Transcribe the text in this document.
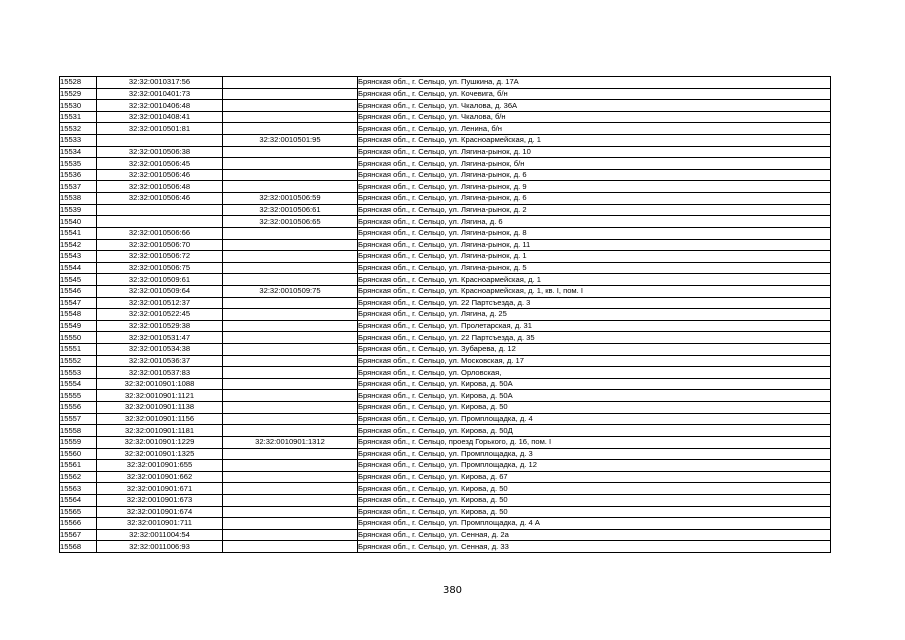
15528	32:32:0010317:56		Брянская обл., г. Сельцо, ул. Пушкина, д. 17А
15529	32:32:0010401:73		Брянская обл., г. Сельцо, ул. Кочевига, б/н
15530	32:32:0010406:48		Брянская обл., г. Сельцо, ул. Чкалова, д. 36А
15531	32:32:0010408:41		Брянская обл., г. Сельцо, ул. Чкалова, б/н
15532	32:32:0010501:81		Брянская обл., г. Сельцо, ул. Ленина, б/н
15533		32:32:0010501:95	Брянская обл., г. Сельцо, ул. Красноармейская, д. 1
15534	32:32:0010506:38		Брянская обл., г. Сельцо, ул. Лягина-рынок, д. 10
15535	32:32:0010506:45		Брянская обл., г. Сельцо, ул. Лягина-рынок, б/н
15536	32:32:0010506:46		Брянская обл., г. Сельцо, ул. Лягина-рынок, д. 6
15537	32:32:0010506:48		Брянская обл., г. Сельцо, ул. Лягина-рынок, д. 9
15538	32:32:0010506:46	32:32:0010506:59	Брянская обл., г. Сельцо, ул. Лягина-рынок, д. 6
15539		32:32:0010506:61	Брянская обл., г. Сельцо, ул. Лягина-рынок, д. 2
15540		32:32:0010506:65	Брянская обл., г. Сельцо, ул. Лягина, д. 6
15541	32:32:0010506:66		Брянская обл., г. Сельцо, ул. Лягина-рынок, д. 8
15542	32:32:0010506:70		Брянская обл., г. Сельцо, ул. Лягина-рынок, д. 11
15543	32:32:0010506:72		Брянская обл., г. Сельцо, ул. Лягина-рынок, д. 1
15544	32:32:0010506:75		Брянская обл., г. Сельцо, ул. Лягина-рынок, д. 5
15545	32:32:0010509:61		Брянская обл., г. Сельцо, ул. Красноармейская, д. 1
15546	32:32:0010509:64	32:32:0010509:75	Брянская обл., г. Сельцо, ул. Красноармейская, д. 1, кв. I, пом. I
15547	32:32:0010512:37		Брянская обл., г. Сельцо, ул. 22 Партсъезда, д. 3
15548	32:32:0010522:45		Брянская обл., г. Сельцо, ул. Лягина, д. 25
15549	32:32:0010529:38		Брянская обл., г. Сельцо, ул. Пролетарская, д. 31
15550	32:32:0010531:47		Брянская обл., г. Сельцо, ул. 22 Партсъезда, д. 35
15551	32:32:0010534:38		Брянская обл., г. Сельцо, ул. Зубарева, д. 12
15552	32:32:0010536:37		Брянская обл., г. Сельцо, ул. Московская, д. 17
15553	32:32:0010537:83		Брянская обл., г. Сельцо, ул. Орловская,
15554	32:32:0010901:1088		Брянская обл., г. Сельцо, ул. Кирова, д. 50А
15555	32:32:0010901:1121		Брянская обл., г. Сельцо, ул. Кирова, д. 50А
15556	32:32:0010901:1138		Брянская обл., г. Сельцо, ул. Кирова, д. 50
15557	32:32:0010901:1156		Брянская обл., г. Сельцо, ул. Промплощадка, д. 4
15558	32:32:0010901:1181		Брянская обл., г. Сельцо, ул. Кирова, д. 50Д
15559	32:32:0010901:1229	32:32:0010901:1312	Брянская обл., г. Сельцо, проезд Горького, д. 16, пом. I
15560	32:32:0010901:1325		Брянская обл., г. Сельцо, ул. Промплощадка, д. 3
15561	32:32:0010901:655		Брянская обл., г. Сельцо, ул. Промплощадка, д. 12
15562	32:32:0010901:662		Брянская обл., г. Сельцо, ул. Кирова, д. 67
15563	32:32:0010901:671		Брянская обл., г. Сельцо, ул. Кирова, д. 50
15564	32:32:0010901:673		Брянская обл., г. Сельцо, ул. Кирова, д. 50
15565	32:32:0010901:674		Брянская обл., г. Сельцо, ул. Кирова, д. 50
15566	32:32:0010901:711		Брянская обл., г. Сельцо, ул. Промплощадка, д. 4 А
15567	32:32:0011004:54		Брянская обл., г. Сельцо, ул. Сенная, д. 2а
15568	32:32:0011006:93		Брянская обл., г. Сельцо, ул. Сенная, д. 33
380
